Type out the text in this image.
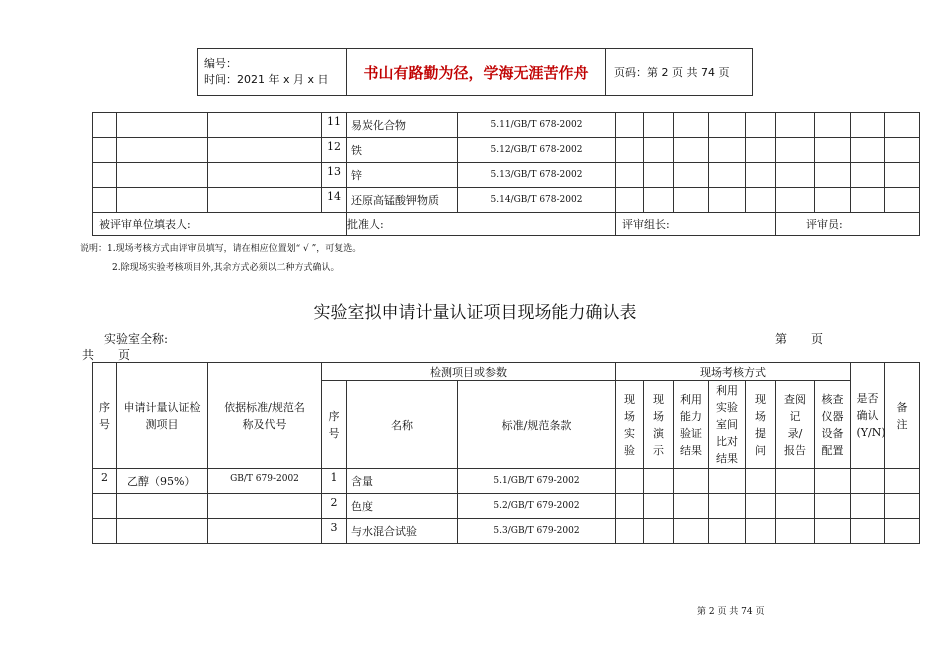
编号：
时间：2021 年 x 月 x 日	书山有路勤为径，学海无涯苦作舟	页码：第 2 页 共 74 页
			11	易炭化合物	5.11/GB/T 678-2002									
			12	铁	5.12/GB/T 678-2002									
			13	锌	5.13/GB/T 678-2002									
			14	还原高锰酸钾物质	5.14/GB/T 678-2002									
被评审单位填表人:				批准人:		评审组长:					评审员:			
说明：1.现场考核方式由评审员填写，请在相应位置划“ √ ”，可复选。
2.除现场实验考核项目外,其余方式必须以二种方式确认。
实验室拟申请计量认证项目现场能力确认表
实验室全称:	第　　页
共　　页
序号	申请计量认证检测项目	依据标准/规范名称及代号	检测项目或参数			现场考核方式							是否确认(Y/N)	备注

			序号	名称	标准/规范条款	现场实验	现场演示	利用能力验证结果	利用实验室间比对结果	现场提问	查阅记录/报告	核查仪器设备配置		

2	乙醇（95%）	GB/T 679-2002	1	含量	5.1/GB/T 679-2002									
			2	色度	5.2/GB/T 679-2002									
			3	与水混合试验	5.3/GB/T 679-2002									
第 2 页 共 74 页
